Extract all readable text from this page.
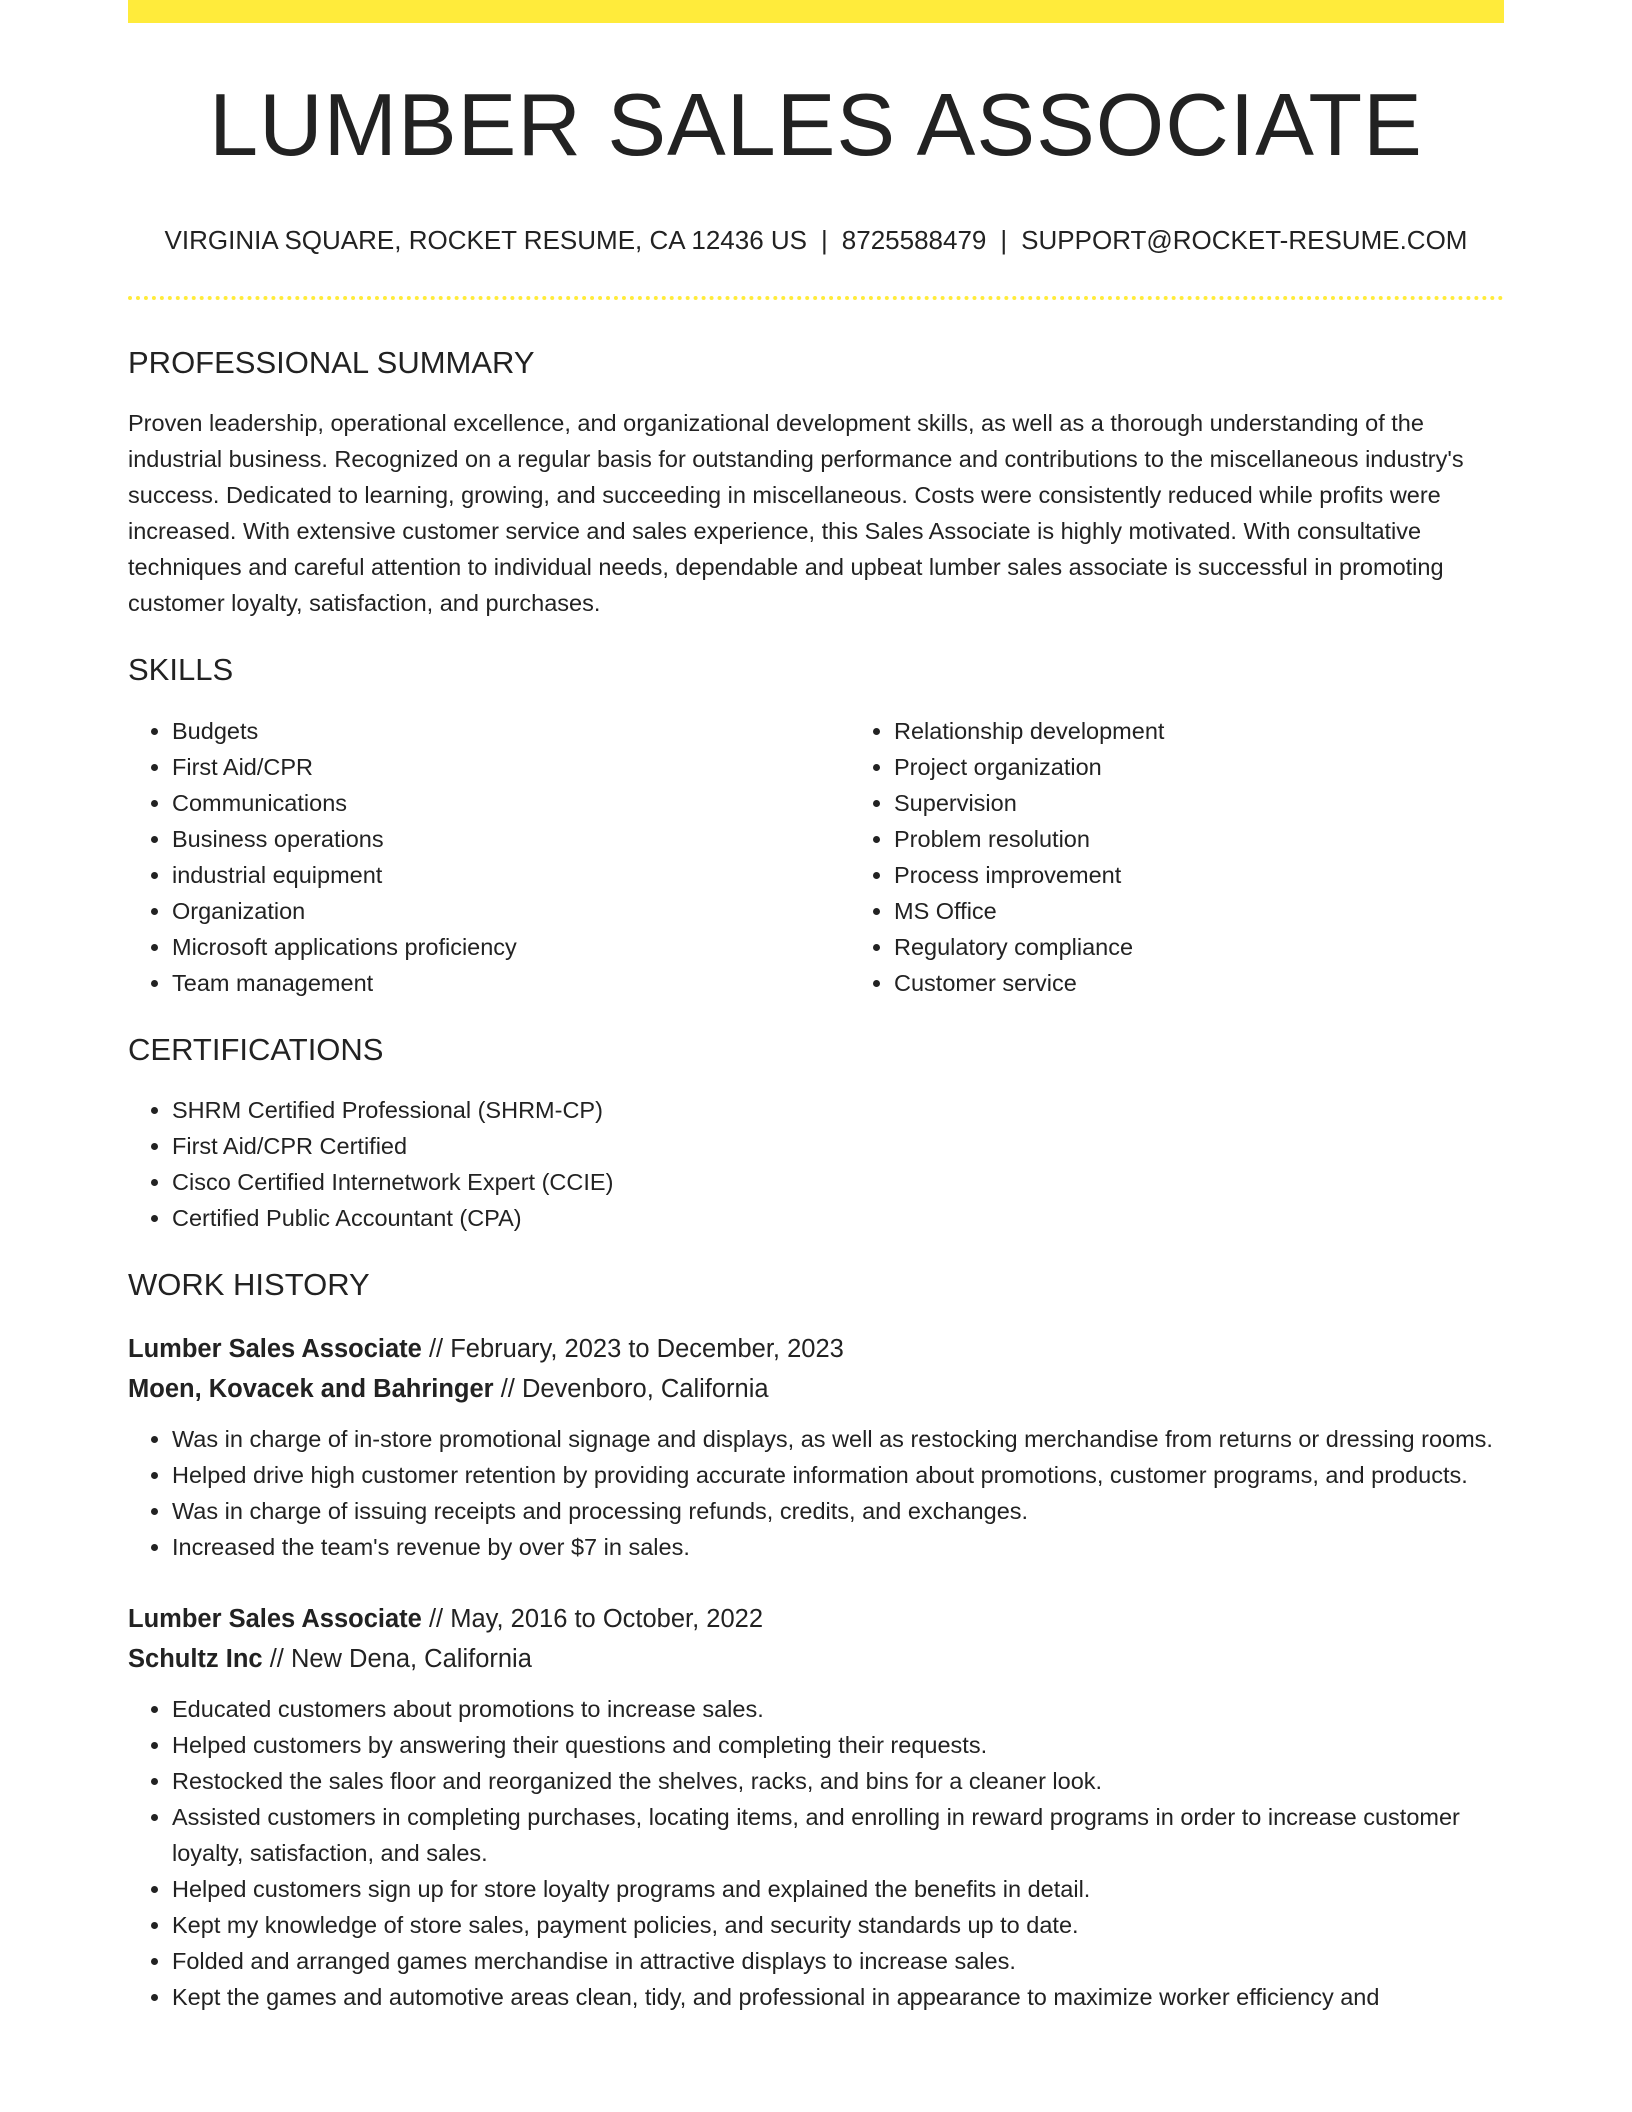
LUMBER SALES ASSOCIATE
VIRGINIA SQUARE, ROCKET RESUME, CA 12436 US | 8725588479 | SUPPORT@ROCKET-RESUME.COM
PROFESSIONAL SUMMARY

Proven leadership, operational excellence, and organizational development skills, as well as a thorough understanding of the industrial business. Recognized on a regular basis for outstanding performance and contributions to the miscellaneous industry's success. Dedicated to learning, growing, and succeeding in miscellaneous. Costs were consistently reduced while profits were increased. With extensive customer service and sales experience, this Sales Associate is highly motivated. With consultative techniques and careful attention to individual needs, dependable and upbeat lumber sales associate is successful in promoting customer loyalty, satisfaction, and purchases.

SKILLS
• Budgets
• First Aid/CPR
• Communications
• Business operations
• industrial equipment
• Organization
• Microsoft applications proficiency
• Team management
• Relationship development
• Project organization
• Supervision
• Problem resolution
• Process improvement
• MS Office
• Regulatory compliance
• Customer service
CERTIFICATIONS
• SHRM Certified Professional (SHRM-CP)
• First Aid/CPR Certified
• Cisco Certified Internetwork Expert (CCIE)
• Certified Public Accountant (CPA)
WORK HISTORY

Lumber Sales Associate // February, 2023 to December, 2023

Moen, Kovacek and Bahringer // Devenboro, California

• Was in charge of in-store promotional signage and displays, as well as restocking merchandise from returns or dressing rooms.
• Helped drive high customer retention by providing accurate information about promotions, customer programs, and products.
• Was in charge of issuing receipts and processing refunds, credits, and exchanges.
• Increased the team's revenue by over $7 in sales.

Lumber Sales Associate // May, 2016 to October, 2022

Schultz Inc // New Dena, California

• Educated customers about promotions to increase sales.
• Helped customers by answering their questions and completing their requests.
• Restocked the sales floor and reorganized the shelves, racks, and bins for a cleaner look.
• Assisted customers in completing purchases, locating items, and enrolling in reward programs in order to increase customer loyalty, satisfaction, and sales.
• Helped customers sign up for store loyalty programs and explained the benefits in detail.
• Kept my knowledge of store sales, payment policies, and security standards up to date.
• Folded and arranged games merchandise in attractive displays to increase sales.
• Kept the games and automotive areas clean, tidy, and professional in appearance to maximize worker efficiency and
